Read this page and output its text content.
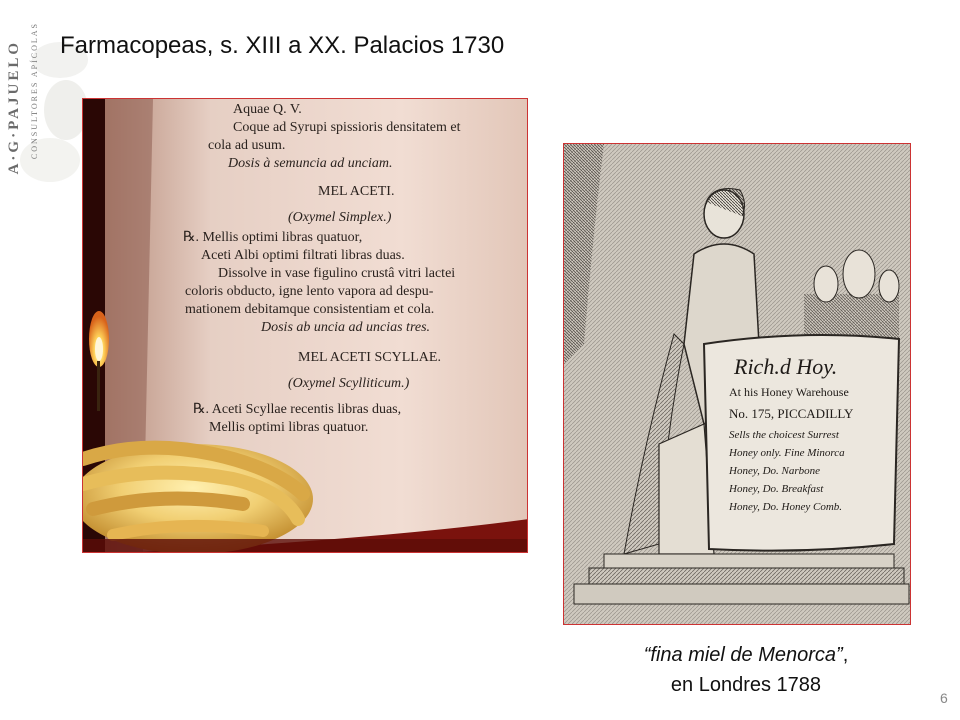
A·G·PAJUELO CONSULTORES APÍCOLAS Farmacopeas, s. XIII a XX. Palacios 1730
Aquae Q. V.
Coque ad Syrupi spissioris densitatem et
cola ad usum.
Dosis à semuncia ad unciam.
MEL ACETI.
(Oxymel Simplex.)
℞. Mellis optimi libras quatuor,
Aceti Albi optimi filtrati libras duas.
Dissolve in vase figulino crustâ vitri lactei
coloris obducto, igne lento vapora ad despu-
mationem debitamque consistentiam et cola.
Dosis ab uncia ad uncias tres.
MEL ACETI SCYLLAE.
(Oxymel Scylliticum.)
℞. Aceti Scyllae recentis libras duas,
Mellis optimi libras quatuor.
Rich.d Hoy.
At his Honey Warehouse
No. 175, PICCADILLY
Sells the choicest Surrest
Honey only. Fine Minorca
Honey, Do. Narbone
Honey, Do. Breakfast
Honey, Do. Honey Comb.
“fina miel de Menorca”,
en Londres 1788
6
